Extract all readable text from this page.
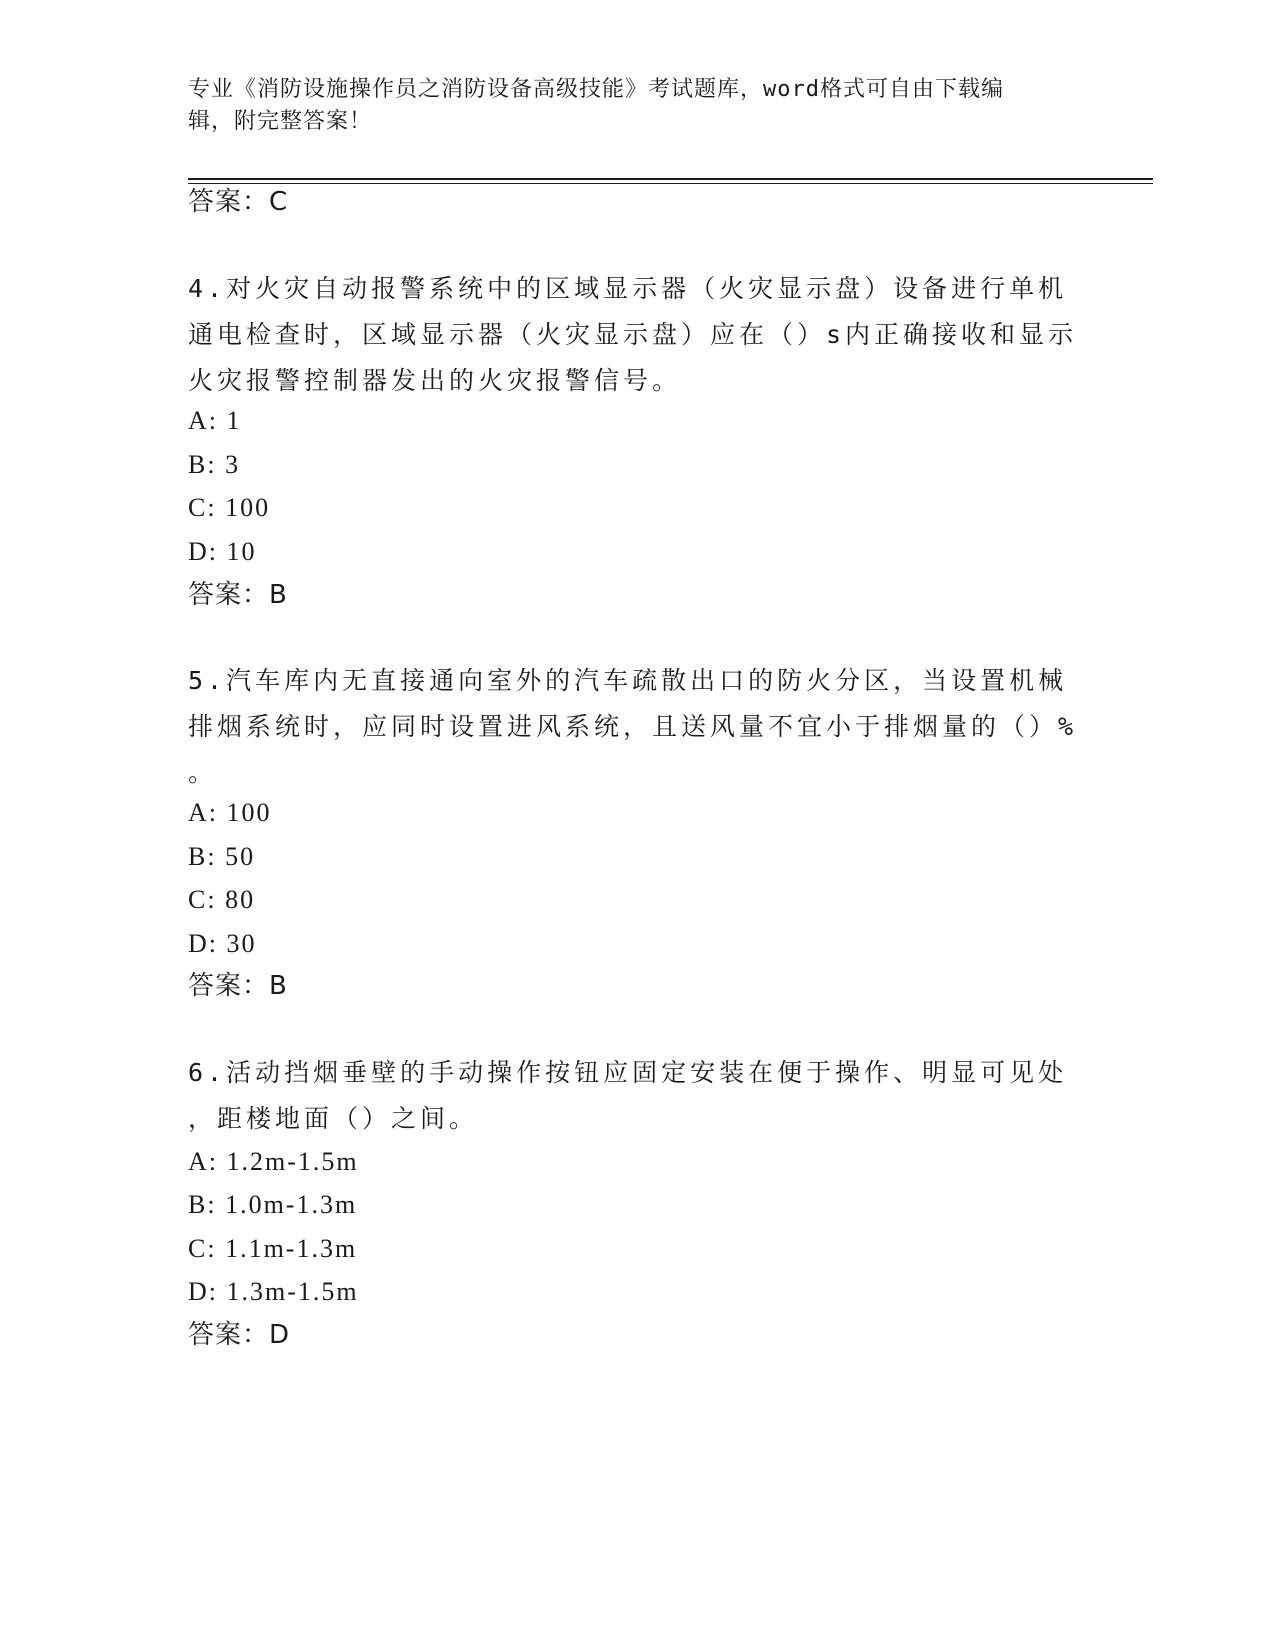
专业《消防设施操作员之消防设备高级技能》考试题库，word格式可自由下载编
辑，附完整答案！
答案：C
4.对火灾自动报警系统中的区域显示器（火灾显示盘）设备进行单机
通电检查时，区域显示器（火灾显示盘）应在（）s内正确接收和显示
火灾报警控制器发出的火灾报警信号。
A: 1
B: 3
C: 100
D: 10
答案：B
5.汽车库内无直接通向室外的汽车疏散出口的防火分区，当设置机械
排烟系统时，应同时设置进风系统，且送风量不宜小于排烟量的（）%
。
A: 100
B: 50
C: 80
D: 30
答案：B
6.活动挡烟垂壁的手动操作按钮应固定安装在便于操作、明显可见处
，距楼地面（）之间。
A: 1.2m-1.5m
B: 1.0m-1.3m
C: 1.1m-1.3m
D: 1.3m-1.5m
答案：D
